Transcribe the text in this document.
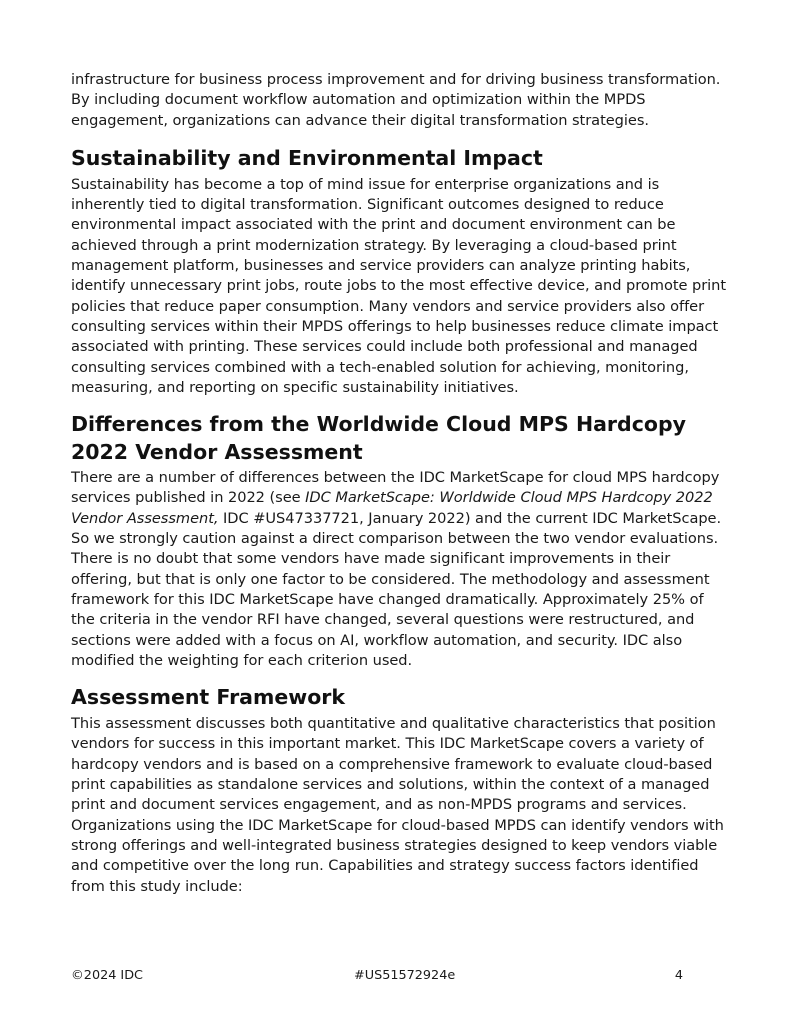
infrastructure for business process improvement and for driving business transformation. By including document workflow automation and optimization within the MPDS engagement, organizations can advance their digital transformation strategies.

Sustainability and Environmental Impact

Sustainability has become a top of mind issue for enterprise organizations and is inherently tied to digital transformation. Significant outcomes designed to reduce environmental impact associated with the print and document environment can be achieved through a print modernization strategy. By leveraging a cloud-based print management platform, businesses and service providers can analyze printing habits, identify unnecessary print jobs, route jobs to the most effective device, and promote print policies that reduce paper consumption. Many vendors and service providers also offer consulting services within their MPDS offerings to help businesses reduce climate impact associated with printing. These services could include both professional and managed consulting services combined with a tech-enabled solution for achieving, monitoring, measuring, and reporting on specific sustainability initiatives.

Differences from the Worldwide Cloud MPS Hardcopy 2022 Vendor Assessment

There are a number of differences between the IDC MarketScape for cloud MPS hardcopy services published in 2022 (see IDC MarketScape: Worldwide Cloud MPS Hardcopy 2022 Vendor Assessment, IDC #US47337721, January 2022) and the current IDC MarketScape. So we strongly caution against a direct comparison between the two vendor evaluations. There is no doubt that some vendors have made significant improvements in their offering, but that is only one factor to be considered. The methodology and assessment framework for this IDC MarketScape have changed dramatically. Approximately 25% of the criteria in the vendor RFI have changed, several questions were restructured, and sections were added with a focus on AI, workflow automation, and security. IDC also modified the weighting for each criterion used.

Assessment Framework

This assessment discusses both quantitative and qualitative characteristics that position vendors for success in this important market. This IDC MarketScape covers a variety of hardcopy vendors and is based on a comprehensive framework to evaluate cloud-based print capabilities as standalone services and solutions, within the context of a managed print and document services engagement, and as non-MPDS programs and services. Organizations using the IDC MarketScape for cloud-based MPDS can identify vendors with strong offerings and well-integrated business strategies designed to keep vendors viable and competitive over the long run. Capabilities and strategy success factors identified from this study include:

©2024 IDC	#US51572924e	4
